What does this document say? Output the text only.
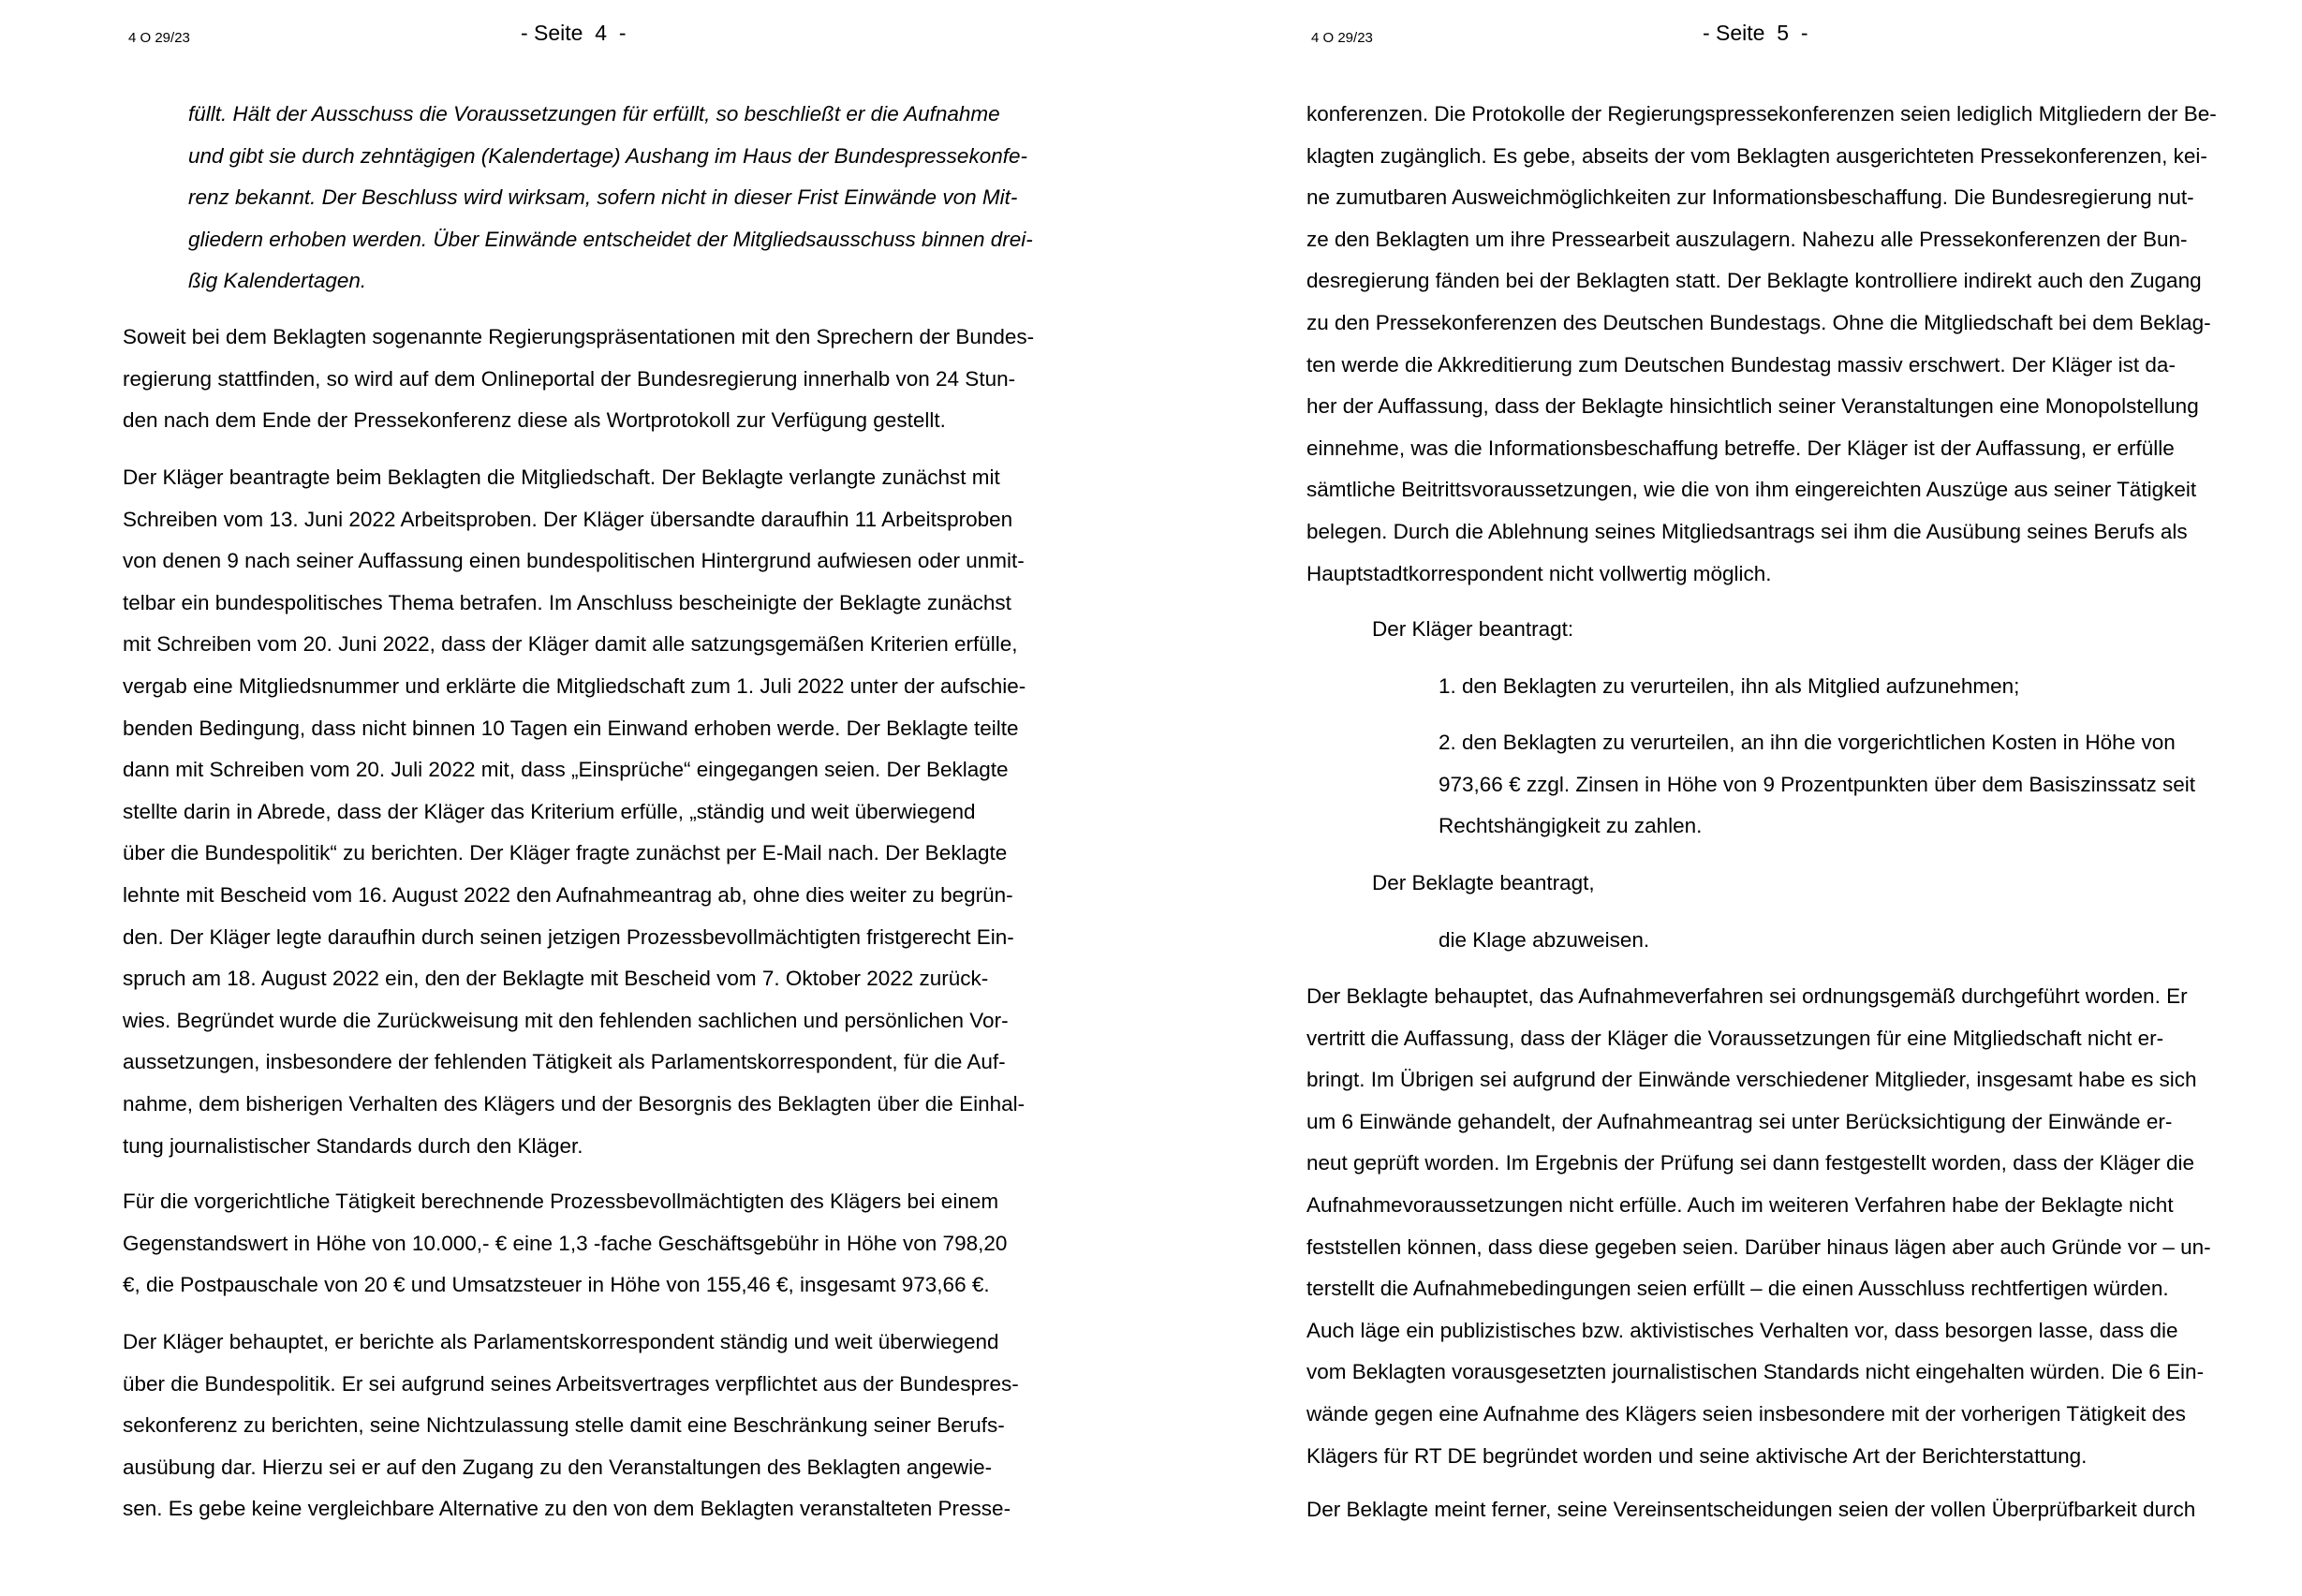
4 O 29/23	- Seite  4  -
füllt. Hält der Ausschuss die Voraussetzungen für erfüllt, so beschließt er die Aufnahme
und gibt sie durch zehntägigen (Kalendertage) Aushang im Haus der Bundespressekonfe-
renz bekannt. Der Beschluss wird wirksam, sofern nicht in dieser Frist Einwände von Mit-
gliedern erhoben werden. Über Einwände entscheidet der Mitgliedsausschuss binnen drei-
ßig Kalendertagen.
Soweit bei dem Beklagten sogenannte Regierungspräsentationen mit den Sprechern der Bundes-
regierung stattfinden, so wird auf dem Onlineportal der Bundesregierung innerhalb von 24 Stun-
den nach dem Ende der Pressekonferenz diese als Wortprotokoll zur Verfügung gestellt.
Der Kläger beantragte beim Beklagten die Mitgliedschaft. Der Beklagte verlangte zunächst mit
Schreiben vom 13. Juni 2022 Arbeitsproben. Der Kläger übersandte daraufhin 11 Arbeitsproben
von denen 9 nach seiner Auffassung einen bundespolitischen Hintergrund aufwiesen oder unmit-
telbar ein bundespolitisches Thema betrafen. Im Anschluss bescheinigte der Beklagte zunächst
mit Schreiben vom 20. Juni 2022, dass der Kläger damit alle satzungsgemäßen Kriterien erfülle,
vergab eine Mitgliedsnummer und erklärte die Mitgliedschaft zum 1. Juli 2022 unter der aufschie-
benden Bedingung, dass nicht binnen 10 Tagen ein Einwand erhoben werde. Der Beklagte teilte
dann mit Schreiben vom 20. Juli 2022 mit, dass „Einsprüche“ eingegangen seien. Der Beklagte
stellte darin in Abrede, dass der Kläger das Kriterium erfülle, „ständig und weit überwiegend
über die Bundespolitik“ zu berichten. Der Kläger fragte zunächst per E-Mail nach. Der Beklagte
lehnte mit Bescheid vom 16. August 2022 den Aufnahmeantrag ab, ohne dies weiter zu begrün-
den. Der Kläger legte daraufhin durch seinen jetzigen Prozessbevollmächtigten fristgerecht Ein-
spruch am 18. August 2022 ein, den der Beklagte mit Bescheid vom 7. Oktober 2022 zurück-
wies. Begründet wurde die Zurückweisung mit den fehlenden sachlichen und persönlichen Vor-
aussetzungen, insbesondere der fehlenden Tätigkeit als Parlamentskorrespondent, für die Auf-
nahme, dem bisherigen Verhalten des Klägers und der Besorgnis des Beklagten über die Einhal-
tung journalistischer Standards durch den Kläger.
Für die vorgerichtliche Tätigkeit berechnende Prozessbevollmächtigten des Klägers bei einem
Gegenstandswert in Höhe von 10.000,- € eine 1,3 -fache Geschäftsgebühr in Höhe von 798,20
€, die Postpauschale von 20 € und Umsatzsteuer in Höhe von 155,46 €, insgesamt 973,66 €.
Der Kläger behauptet, er berichte als Parlamentskorrespondent ständig und weit überwiegend
über die Bundespolitik. Er sei aufgrund seines Arbeitsvertrages verpflichtet aus der Bundespres-
sekonferenz zu berichten, seine Nichtzulassung stelle damit eine Beschränkung seiner Berufs-
ausübung dar. Hierzu sei er auf den Zugang zu den Veranstaltungen des Beklagten angewie-
sen. Es gebe keine vergleichbare Alternative zu den von dem Beklagten veranstalteten Presse-
4 O 29/23	- Seite  5  -
konferenzen. Die Protokolle der Regierungspressekonferenzen seien lediglich Mitgliedern der Be-
klagten zugänglich. Es gebe, abseits der vom Beklagten ausgerichteten Pressekonferenzen, kei-
ne zumutbaren Ausweichmöglichkeiten zur Informationsbeschaffung. Die Bundesregierung nut-
ze den Beklagten um ihre Pressearbeit auszulagern. Nahezu alle Pressekonferenzen der Bun-
desregierung fänden bei der Beklagten statt. Der Beklagte kontrolliere indirekt auch den Zugang
zu den Pressekonferenzen des Deutschen Bundestags. Ohne die Mitgliedschaft bei dem Beklag-
ten werde die Akkreditierung zum Deutschen Bundestag massiv erschwert. Der Kläger ist da-
her der Auffassung, dass der Beklagte hinsichtlich seiner Veranstaltungen eine Monopolstellung
einnehme, was die Informationsbeschaffung betreffe. Der Kläger ist der Auffassung, er erfülle
sämtliche Beitrittsvoraussetzungen, wie die von ihm eingereichten Auszüge aus seiner Tätigkeit
belegen. Durch die Ablehnung seines Mitgliedsantrags sei ihm die Ausübung seines Berufs als
Hauptstadtkorrespondent nicht vollwertig möglich.
Der Kläger beantragt:
1. den Beklagten zu verurteilen, ihn als Mitglied aufzunehmen;
2. den Beklagten zu verurteilen, an ihn die vorgerichtlichen Kosten in Höhe von
973,66 € zzgl. Zinsen in Höhe von 9 Prozentpunkten über dem Basiszinssatz seit
Rechtshängigkeit zu zahlen.
Der Beklagte beantragt,
die Klage abzuweisen.
Der Beklagte behauptet, das Aufnahmeverfahren sei ordnungsgemäß durchgeführt worden. Er
vertritt die Auffassung, dass der Kläger die Voraussetzungen für eine Mitgliedschaft nicht er-
bringt. Im Übrigen sei aufgrund der Einwände verschiedener Mitglieder, insgesamt habe es sich
um 6 Einwände gehandelt, der Aufnahmeantrag sei unter Berücksichtigung der Einwände er-
neut geprüft worden. Im Ergebnis der Prüfung sei dann festgestellt worden, dass der Kläger die
Aufnahmevoraussetzungen nicht erfülle. Auch im weiteren Verfahren habe der Beklagte nicht
feststellen können, dass diese gegeben seien. Darüber hinaus lägen aber auch Gründe vor – un-
terstellt die Aufnahmebedingungen seien erfüllt – die einen Ausschluss rechtfertigen würden.
Auch läge ein publizistisches bzw. aktivistisches Verhalten vor, dass besorgen lasse, dass die
vom Beklagten vorausgesetzten journalistischen Standards nicht eingehalten würden. Die 6 Ein-
wände gegen eine Aufnahme des Klägers seien insbesondere mit der vorherigen Tätigkeit des
Klägers für RT DE begründet worden und seine aktivische Art der Berichterstattung.
Der Beklagte meint ferner, seine Vereinsentscheidungen seien der vollen Überprüfbarkeit durch
